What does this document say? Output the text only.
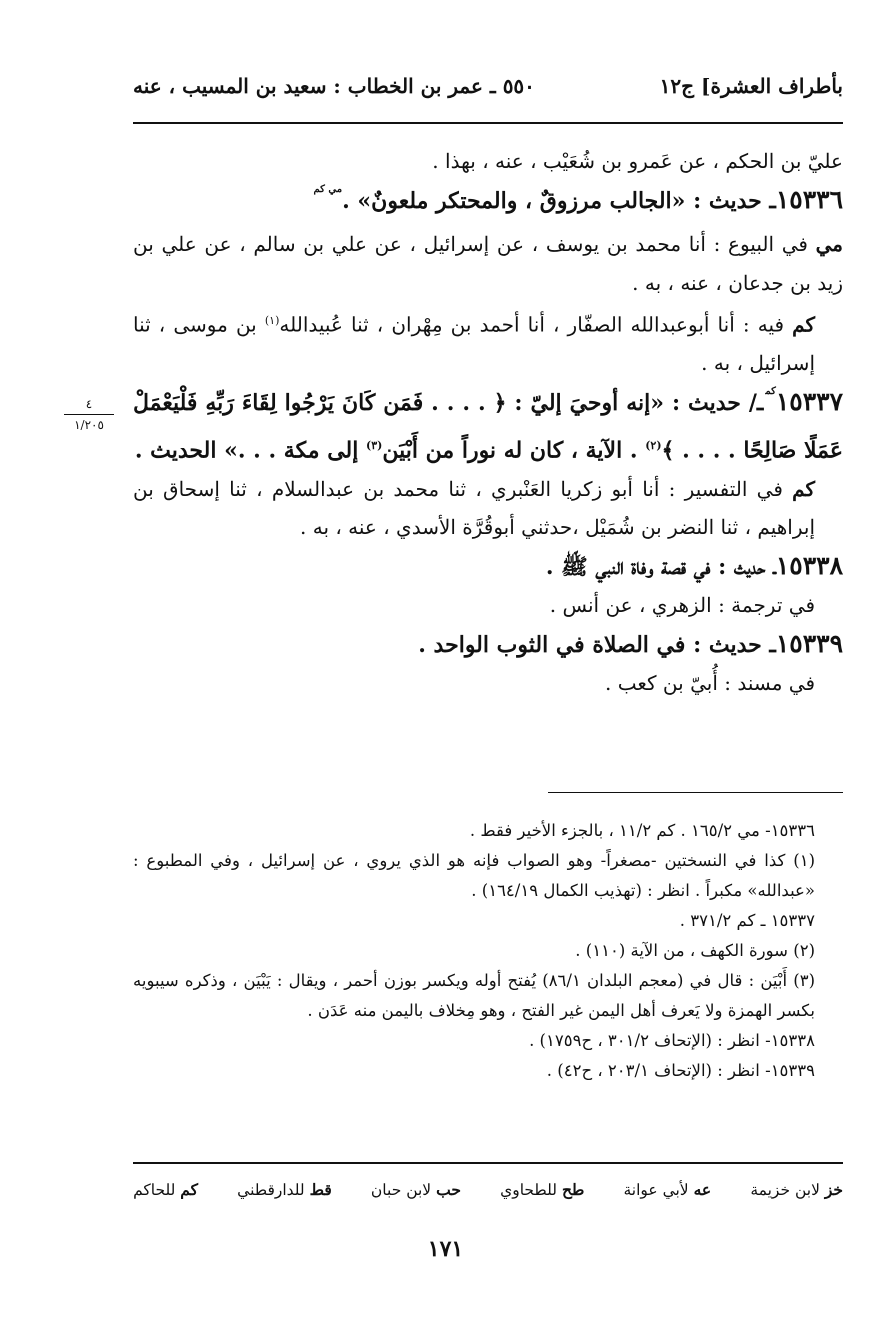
بأطراف العشرة] ج١٢
٥٥٠ ـ عمر بن الخطاب : سعيد بن المسيب ، عنه
٤
١/٢٠٥

عليّ بن الحكم ، عن عَمرو بن شُعَيْب ، عنه ، بهذا .

١٥٣٣٦ـ حديث : «الجالب مرزوقٌ ، والمحتكر ملعونٌ» .$^{مي كم}$

مي في البيوع : أنا محمد بن يوسف ، عن إسرائيل ، عن علي بن سالم ، عن علي بن زيد بن جدعان ، عنه ، به .

كم فيه : أنا أبوعبدالله الصفّار ، أنا أحمد بن مِهْران ، ثنا عُبيدالله$^{(١)}$ بن موسى ، ثنا إسرائيل ، به .

$١٥٣٣٧^{كم}ـ/$ حديث : «إنه أوحيَ إليّ : ﴿ . . . . فَمَن كَانَ يَرْجُوا لِقَاءَ رَبِّهِ فَلْيَعْمَلْ عَمَلًا صَالِحًا . . . . ﴾$^{(٢)}$ . الآية ، كان له نوراً من أَبْيَن$^{(٣)}$ إلى مكة . . .» الحديث .

كم في التفسير : أنا أبو زكريا العَنْبري ، ثنا محمد بن عبدالسلام ، ثنا إسحاق بن إبراهيم ، ثنا النضر بن شُمَيْل ،حدثني أبوقُرَّة الأسدي ، عنه ، به .

١٥٣٣٨ـ حديث : في قصة وفاة النبي ﷺ .

في ترجمة : الزهري ، عن أنس .

١٥٣٣٩ـ حديث : في الصلاة في الثوب الواحد .

في مسند : أُبيّ بن كعب .

١٥٣٣٦- مي ١٦٥/٢ . كم ١١/٢ ، بالجزء الأخير فقط .

(١) كذا في النسختين -مصغراً- وهو الصواب فإنه هو الذي يروي ، عن إسرائيل ، وفي المطبوع : «عبدالله» مكبراً . انظر : (تهذيب الكمال ١٦٤/١٩) .

١٥٣٣٧ ـ كم ٣٧١/٢ .

(٢) سورة الكهف ، من الآية (١١٠) .

(٣) أَبْيَن : قال في (معجم البلدان ٨٦/١) يُفتح أوله ويكسر بوزن أحمر ، ويقال : يَبْيَن ، وذكره سيبويه بكسر الهمزة ولا يَعرف أهل اليمن غير الفتح ، وهو مِخلاف باليمن منه عَدَن .

١٥٣٣٨- انظر : (الإتحاف ٣٠١/٢ ، ح١٧٥٩) .

١٥٣٣٩- انظر : (الإتحاف ٢٠٣/١ ، ح٤٢) .

خز لابن خزيمة
عه لأبي عوانة
طح للطحاوي
حب لابن حبان
قط للدارقطني
كم للحاكم
١٧١
